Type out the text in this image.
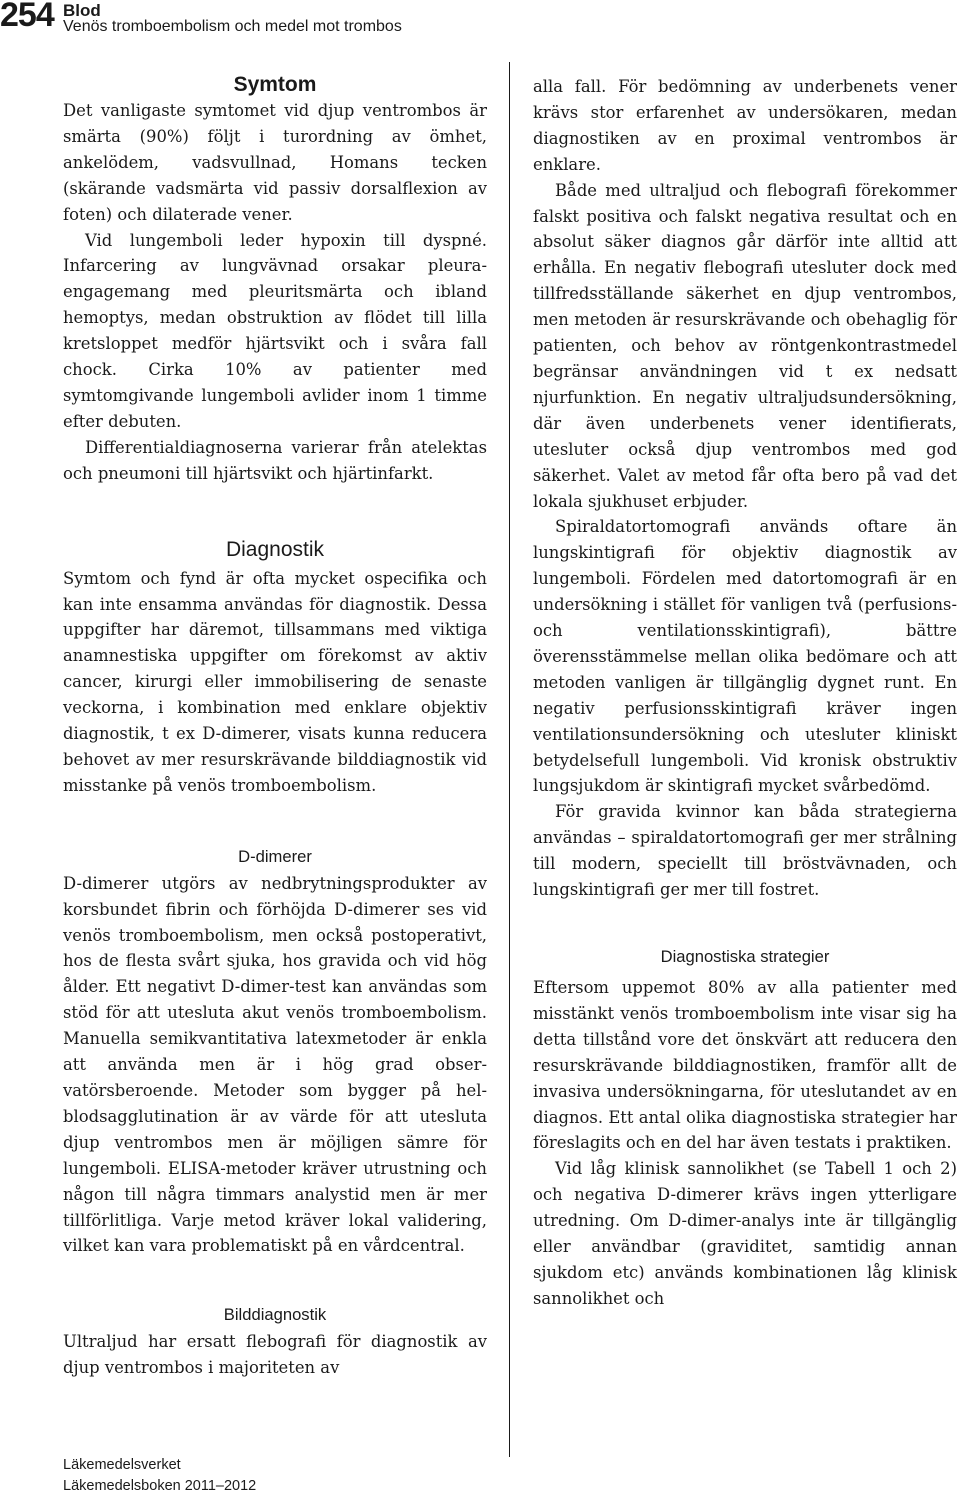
254 Blod
Venös tromboembolism och medel mot trombos
Symtom

Det vanligaste symtomet vid djup ventrombos är smärta (90%) följt i turordning av ömhet, ankelödem, vadsvullnad, Homans tecken (skärande vadsmärta vid passiv dorsalflexion av foten) och dilaterade vener.

Vid lungemboli leder hypoxin till dyspné. Infarcering av lungvävnad orsakar pleuraengagemang med pleuritsmärta och ibland hemoptys, medan obstruktion av flödet till lilla kretsloppet medför hjärtsvikt och i svåra fall chock. Cirka 10% av patienter med symtomgivande lungemboli avlider inom 1 timme efter debuten.

Differentialdiagnoserna varierar från atelektas och pneumoni till hjärtsvikt och hjärtinfarkt.

Diagnostik

Symtom och fynd är ofta mycket ospecifika och kan inte ensamma användas för diagnostik. Dessa uppgifter har däremot, tillsammans med viktiga anamnestiska uppgifter om förekomst av aktiv cancer, kirurgi eller immobilisering de senaste veckorna, i kombination med enklare objektiv diagnostik, t ex D-dimerer, visats kunna reducera behovet av mer resurskrävande bilddiagnostik vid misstanke på venös tromboembolism.

D-dimerer

D-dimerer utgörs av nedbrytningsprodukter av korsbundet fibrin och förhöjda D-dimerer ses vid venös tromboembolism, men också postoperativt, hos de flesta svårt sjuka, hos gravida och vid hög ålder. Ett negativt D-dimer-test kan användas som stöd för att utesluta akut venös tromboembolism. Manuella semikvantitativa latexmetoder är enkla att använda men är i hög grad observatörsberoende. Metoder som bygger på helblodsagglutination är av värde för att utesluta djup ventrombos men är möjligen sämre för lungemboli. ELISA-metoder kräver utrustning och någon till några timmars analystid men är mer tillförlitliga. Varje metod kräver lokal validering, vilket kan vara problematiskt på en vårdcentral.

Bilddiagnostik

Ultraljud har ersatt flebografi för diagnostik av djup ventrombos i majoriteten av

alla fall. För bedömning av underbenets vener krävs stor erfarenhet av undersökaren, medan diagnostiken av en proximal ventrombos är enklare.

Både med ultraljud och flebografi förekommer falskt positiva och falskt negativa resultat och en absolut säker diagnos går därför inte alltid att erhålla. En negativ flebografi utesluter dock med tillfredsställande säkerhet en djup ventrombos, men metoden är resurskrävande och obehaglig för patienten, och behov av röntgenkontrastmedel begränsar användningen vid t ex nedsatt njurfunktion. En negativ ultraljudsundersökning, där även underbenets vener identifierats, utesluter också djup ventrombos med god säkerhet. Valet av metod får ofta bero på vad det lokala sjukhuset erbjuder.

Spiraldatortomografi används oftare än lungskintigrafi för objektiv diagnostik av lungemboli. Fördelen med datortomografi är en undersökning i stället för vanligen två (perfusions- och ventilationsskintigrafi), bättre överensstämmelse mellan olika bedömare och att metoden vanligen är tillgänglig dygnet runt. En negativ perfusionsskintigrafi kräver ingen ventilationsundersökning och utesluter kliniskt betydelsefull lungemboli. Vid kronisk obstruktiv lungsjukdom är skintigrafi mycket svårbedömd.

För gravida kvinnor kan båda strategierna användas – spiraldatortomografi ger mer strålning till modern, speciellt till bröstvävnaden, och lungskintigrafi ger mer till fostret.

Diagnostiska strategier

Eftersom uppemot 80% av alla patienter med misstänkt venös tromboembolism inte visar sig ha detta tillstånd vore det önskvärt att reducera den resurskrävande bilddiagnostiken, framför allt de invasiva undersökningarna, för uteslutandet av en diagnos. Ett antal olika diagnostiska strategier har föreslagits och en del har även testats i praktiken.

Vid låg klinisk sannolikhet (se Tabell 1 och 2) och negativa D-dimerer krävs ingen ytterligare utredning. Om D-dimer-analys inte är tillgänglig eller användbar (graviditet, samtidig annan sjukdom etc) används kombinationen låg klinisk sannolikhet och

Läkemedelsverket
Läkemedelsboken 2011–2012
